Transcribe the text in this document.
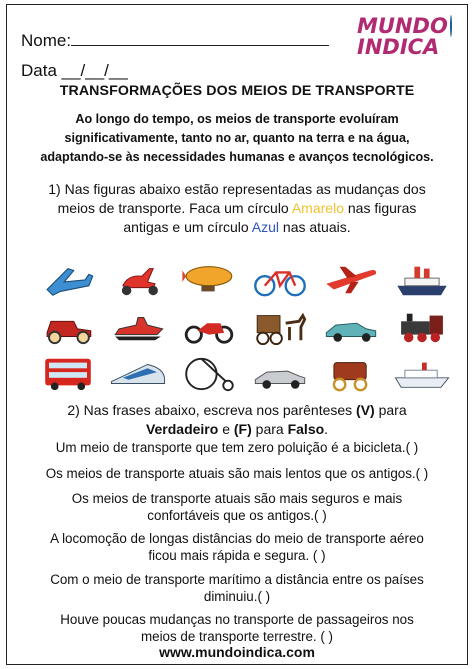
Nome:
Data __/__/__
MUNDO
INDICA
TRANSFORMAÇÕES DOS MEIOS DE TRANSPORTE
Ao longo do tempo, os meios de transporte evoluíram
significativamente, tanto no ar, quanto na terra e na água,
adaptando-se às necessidades humanas e avanços tecnológicos.
1) Nas figuras abaixo estão representadas as mudanças dos
meios de transporte. Faca um círculo Amarelo nas figuras
antigas e um círculo Azul nas atuais.
2) Nas frases abaixo, escreva nos parênteses (V) para
Verdadeiro e (F) para Falso.
Um meio de transporte que tem zero poluição é a bicicleta.( )
Os meios de transporte atuais são mais lentos que os antigos.( )
Os meios de transporte atuais são mais seguros e mais
confortáveis que os antigos.( )
A locomoção de longas distâncias do meio de transporte aéreo
ficou mais rápida e segura. ( )
Com o meio de transporte marítimo a distância entre os países
diminuiu.( )
Houve poucas mudanças no transporte de passageiros nos
meios de transporte terrestre. ( )
www.mundoindica.com
